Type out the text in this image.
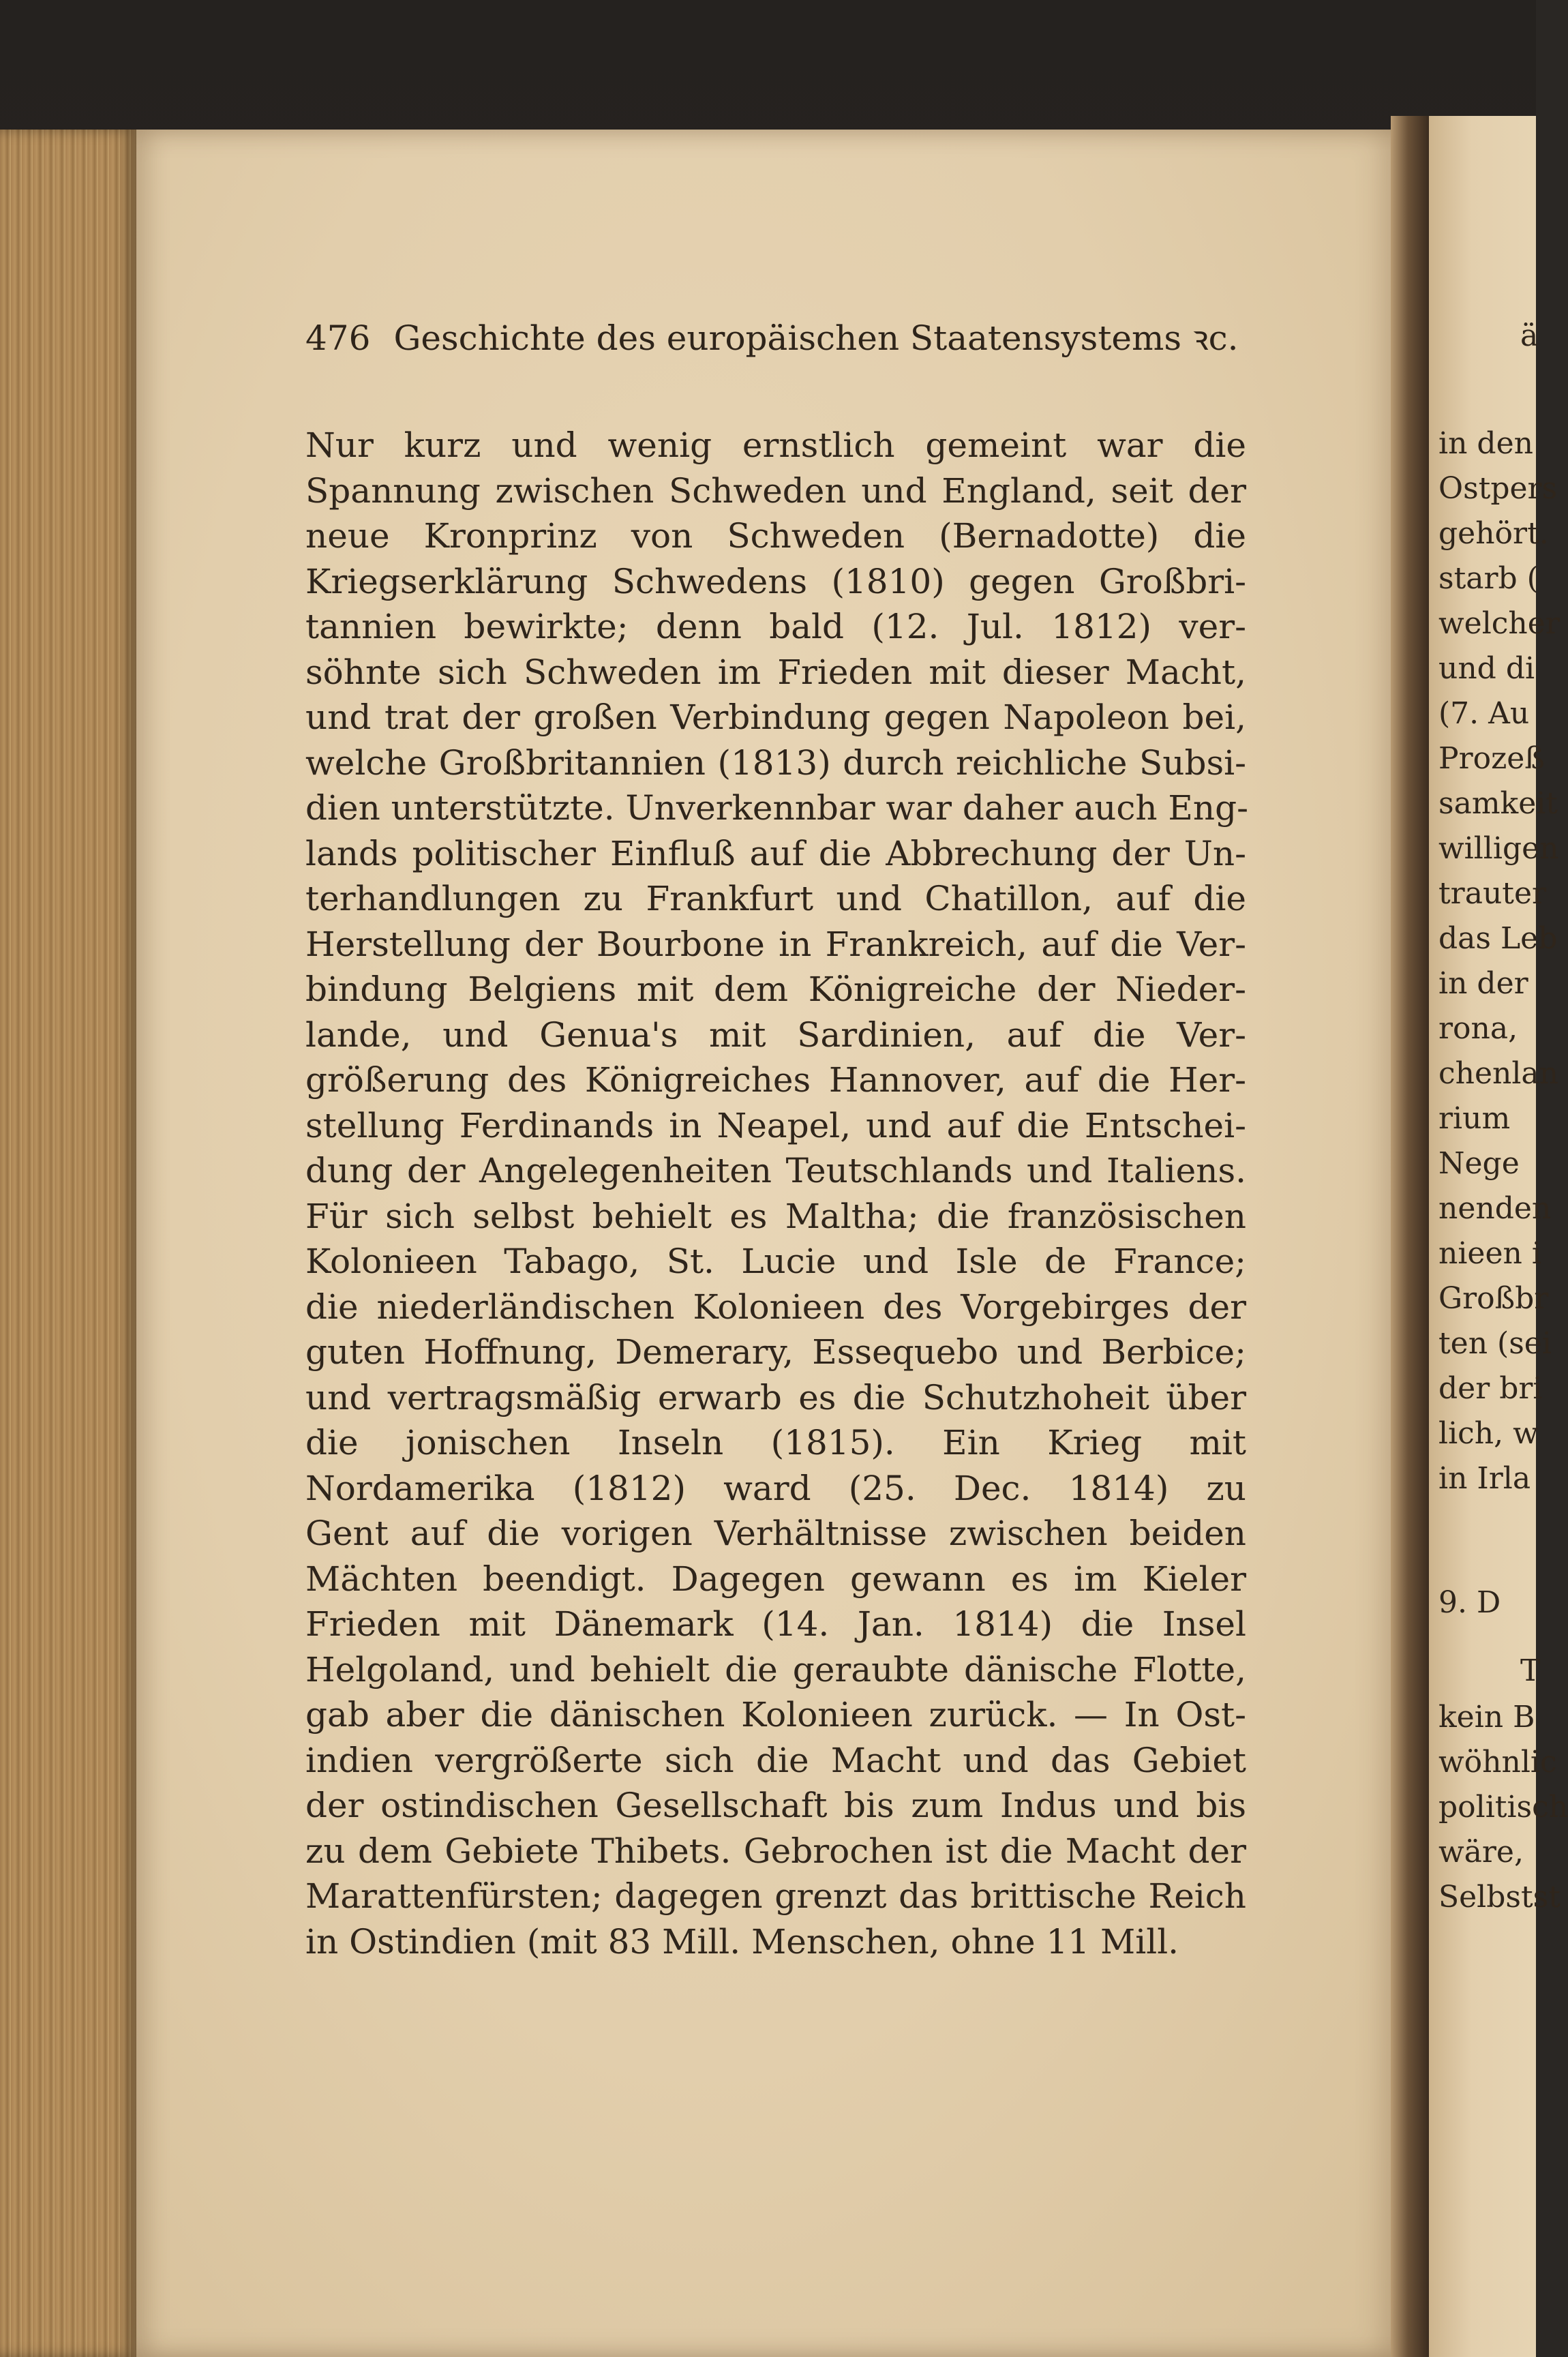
476 Geschichte des europäischen Staatensystems ꝛc.
Nur kurz und wenig ernstlich gemeint war die
Spannung zwischen Schweden und England, seit der
neue Kronprinz von Schweden (Bernadotte) die
Kriegserklärung Schwedens (1810) gegen Großbri-
tannien bewirkte; denn bald (12. Jul. 1812) ver-
söhnte sich Schweden im Frieden mit dieser Macht,
und trat der großen Verbindung gegen Napoleon bei,
welche Großbritannien (1813) durch reichliche Subsi-
dien unterstützte. Unverkennbar war daher auch Eng-
lands politischer Einfluß auf die Abbrechung der Un-
terhandlungen zu Frankfurt und Chatillon, auf die
Herstellung der Bourbone in Frankreich, auf die Ver-
bindung Belgiens mit dem Königreiche der Nieder-
lande, und Genua's mit Sardinien, auf die Ver-
größerung des Königreiches Hannover, auf die Her-
stellung Ferdinands in Neapel, und auf die Entschei-
dung der Angelegenheiten Teutschlands und Italiens.
Für sich selbst behielt es Maltha; die französischen
Kolonieen Tabago, St. Lucie und Isle de France;
die niederländischen Kolonieen des Vorgebirges der
guten Hoffnung, Demerary, Essequebo und Berbice;
und vertragsmäßig erwarb es die Schutzhoheit über
die jonischen Inseln (1815). Ein Krieg mit
Nordamerika (1812) ward (25. Dec. 1814) zu
Gent auf die vorigen Verhältnisse zwischen beiden
Mächten beendigt. Dagegen gewann es im Kieler
Frieden mit Dänemark (14. Jan. 1814) die Insel
Helgoland, und behielt die geraubte dänische Flotte,
gab aber die dänischen Kolonieen zurück. — In Ost-
indien vergrößerte sich die Macht und das Gebiet
der ostindischen Gesellschaft bis zum Indus und bis
zu dem Gebiete Thibets. Gebrochen ist die Macht der
Marattenfürsten; dagegen grenzt das brittische Reich
in Ostindien (mit 83 Mill. Menschen, ohne 11 Mill.
ä
in den
Ostpers
gehört.
starb (
welcher
und di
(7. Au
Prozeß
samkeit
willigen
trauter
das Leb
in der
rona,
chenlan
rium
Nege
nenden
nieen i
Großbr
ten (sei
der bri
lich, w
in Irla
9. D
T
kein B
wöhnlic
politisch
wäre,
Selbstst
